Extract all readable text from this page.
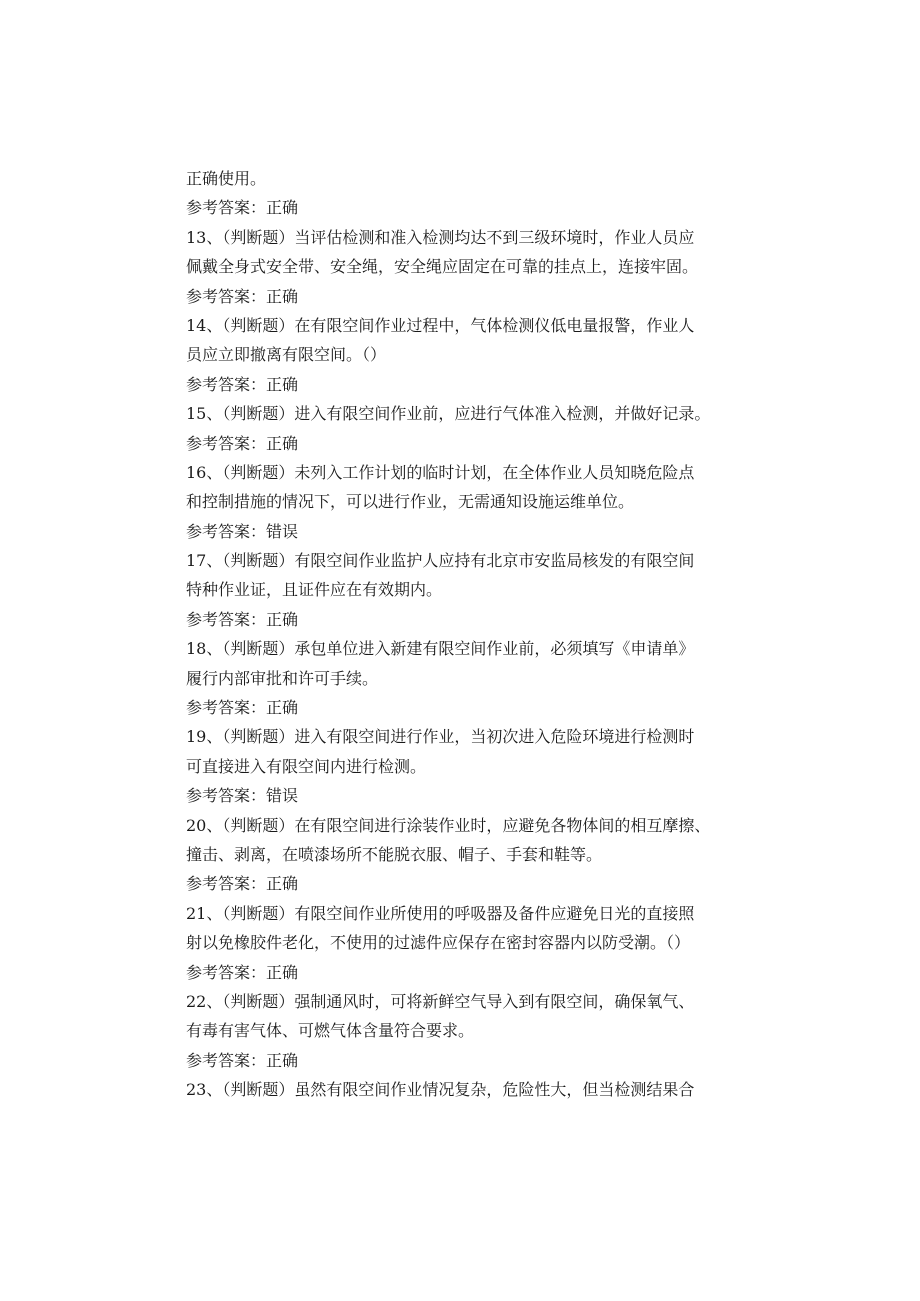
正确使用。
参考答案：正确
13、（判断题）当评估检测和准入检测均达不到三级环境时，作业人员应
佩戴全身式安全带、安全绳，安全绳应固定在可靠的挂点上，连接牢固。
参考答案：正确
14、（判断题）在有限空间作业过程中，气体检测仪低电量报警，作业人
员应立即撤离有限空间。（）
参考答案：正确
15、（判断题）进入有限空间作业前，应进行气体准入检测，并做好记录。
参考答案：正确
16、（判断题）未列入工作计划的临时计划，在全体作业人员知晓危险点
和控制措施的情况下，可以进行作业，无需通知设施运维单位。
参考答案：错误
17、（判断题）有限空间作业监护人应持有北京市安监局核发的有限空间
特种作业证，且证件应在有效期内。
参考答案：正确
18、（判断题）承包单位进入新建有限空间作业前，必须填写《申请单》
履行内部审批和许可手续。
参考答案：正确
19、（判断题）进入有限空间进行作业，当初次进入危险环境进行检测时
可直接进入有限空间内进行检测。
参考答案：错误
20、（判断题）在有限空间进行涂装作业时，应避免各物体间的相互摩擦、
撞击、剥离，在喷漆场所不能脱衣服、帽子、手套和鞋等。
参考答案：正确
21、（判断题）有限空间作业所使用的呼吸器及备件应避免日光的直接照
射以免橡胶件老化，不使用的过滤件应保存在密封容器内以防受潮。（）
参考答案：正确
22、（判断题）强制通风时，可将新鲜空气导入到有限空间，确保氧气、
有毒有害气体、可燃气体含量符合要求。
参考答案：正确
23、（判断题）虽然有限空间作业情况复杂，危险性大，但当检测结果合
